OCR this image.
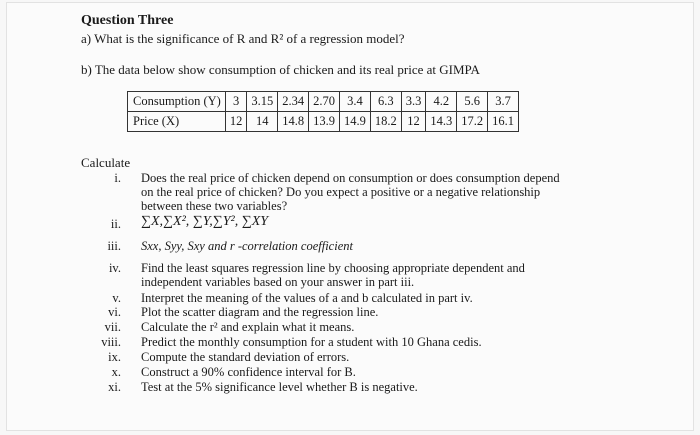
Question Three
a) What is the significance of R and R² of a regression model?
b) The data below show consumption of chicken and its real price at GIMPA
Consumption (Y)	3	3.15	2.34	2.70	3.4	6.3	3.3	4.2	5.6	3.7
Price (X)	12	14	14.8	13.9	14.9	18.2	12	14.3	17.2	16.1
Calculate
i. Does the real price of chicken depend on consumption or does consumption depend
on the real price of chicken? Do you expect a positive or a negative relationship
between these two variables?
ii. ∑X,∑X², ∑Y,∑Y², ∑XY
iii. Sxx, Syy, Sxy and r -correlation coefficient
iv. Find the least squares regression line by choosing appropriate dependent and
independent variables based on your answer in part iii.
v. Interpret the meaning of the values of a and b calculated in part iv.
vi. Plot the scatter diagram and the regression line.
vii. Calculate the r² and explain what it means.
viii. Predict the monthly consumption for a student with 10 Ghana cedis.
ix. Compute the standard deviation of errors.
x. Construct a 90% confidence interval for B.
xi. Test at the 5% significance level whether B is negative.
